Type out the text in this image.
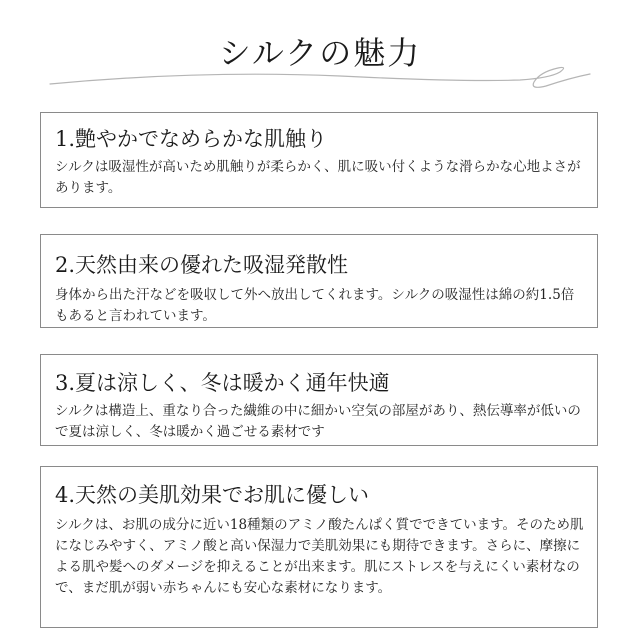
シルクの魅力
1.艶やかでなめらかな肌触り
シルクは吸湿性が高いため肌触りが柔らかく、肌に吸い付くような滑らかな心地よさがあります。
2.天然由来の優れた吸湿発散性
身体から出た汗などを吸収して外へ放出してくれます。シルクの吸湿性は綿の約1.5倍もあると言われています。
3.夏は涼しく、冬は暖かく通年快適
シルクは構造上、重なり合った繊維の中に細かい空気の部屋があり、熱伝導率が低いので夏は涼しく、冬は暖かく過ごせる素材です
4.天然の美肌効果でお肌に優しい
シルクは、お肌の成分に近い18種類のアミノ酸たんぱく質でできています。そのため肌になじみやすく、アミノ酸と高い保湿力で美肌効果にも期待できます。さらに、摩擦による肌や髪へのダメージを抑えることが出来ます。肌にストレスを与えにくい素材なので、まだ肌が弱い赤ちゃんにも安心な素材になります。
